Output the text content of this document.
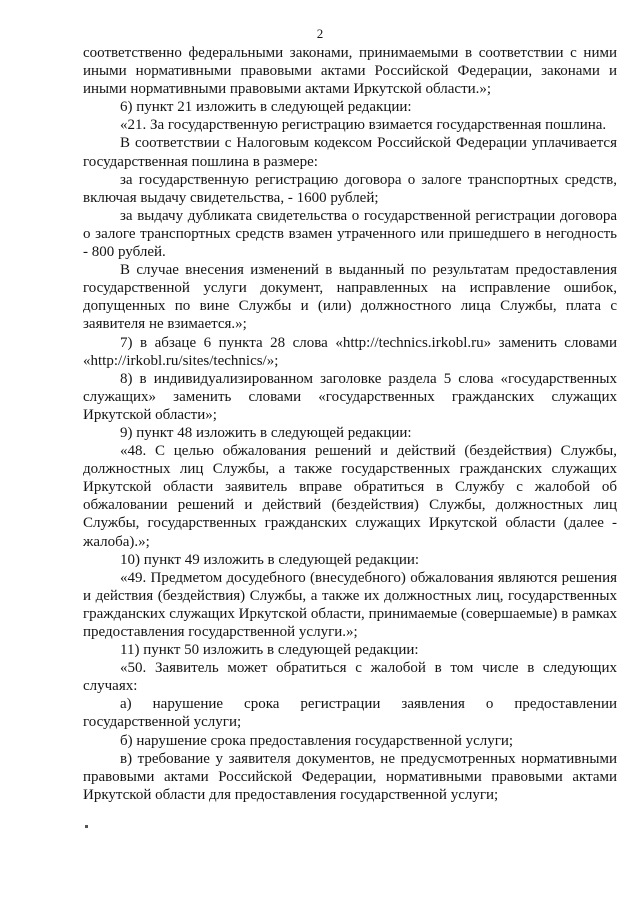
2

соответственно федеральными законами, принимаемыми в соответствии с ними иными нормативными правовыми актами Российской Федерации, законами и иными нормативными правовыми актами Иркутской области.»;

6) пункт 21 изложить в следующей редакции:

«21. За государственную регистрацию взимается государственная пошлина.

В соответствии с Налоговым кодексом Российской Федерации уплачивается государственная пошлина в размере:

за государственную регистрацию договора о залоге транспортных средств, включая выдачу свидетельства, - 1600 рублей;

за выдачу дубликата свидетельства о государственной регистрации договора о залоге транспортных средств взамен утраченного или пришедшего в негодность - 800 рублей.

В случае внесения изменений в выданный по результатам предоставления государственной услуги документ, направленных на исправление ошибок, допущенных по вине Службы и (или) должностного лица Службы, плата с заявителя не взимается.»;

7) в абзаце 6 пункта 28 слова «http://technics.irkobl.ru» заменить словами «http://irkobl.ru/sites/technics/»;

8) в индивидуализированном заголовке раздела 5 слова «государственных служащих» заменить словами «государственных гражданских служащих Иркутской области»;

9) пункт 48 изложить в следующей редакции:

«48. С целью обжалования решений и действий (бездействия) Службы, должностных лиц Службы, а также государственных гражданских служащих Иркутской области заявитель вправе обратиться в Службу с жалобой об обжаловании решений и действий (бездействия) Службы, должностных лиц Службы, государственных гражданских служащих Иркутской области (далее - жалоба).»;

10) пункт 49 изложить в следующей редакции:

«49. Предметом досудебного (внесудебного) обжалования являются решения и действия (бездействия) Службы, а также их должностных лиц, государственных гражданских служащих Иркутской области, принимаемые (совершаемые) в рамках предоставления государственной услуги.»;

11) пункт 50 изложить в следующей редакции:

«50. Заявитель может обратиться с жалобой в том числе в следующих случаях:

а) нарушение срока регистрации заявления о предоставлении государственной услуги;

б) нарушение срока предоставления государственной услуги;

в) требование у заявителя документов, не предусмотренных нормативными правовыми актами Российской Федерации, нормативными правовыми актами Иркутской области для предоставления государственной услуги;
